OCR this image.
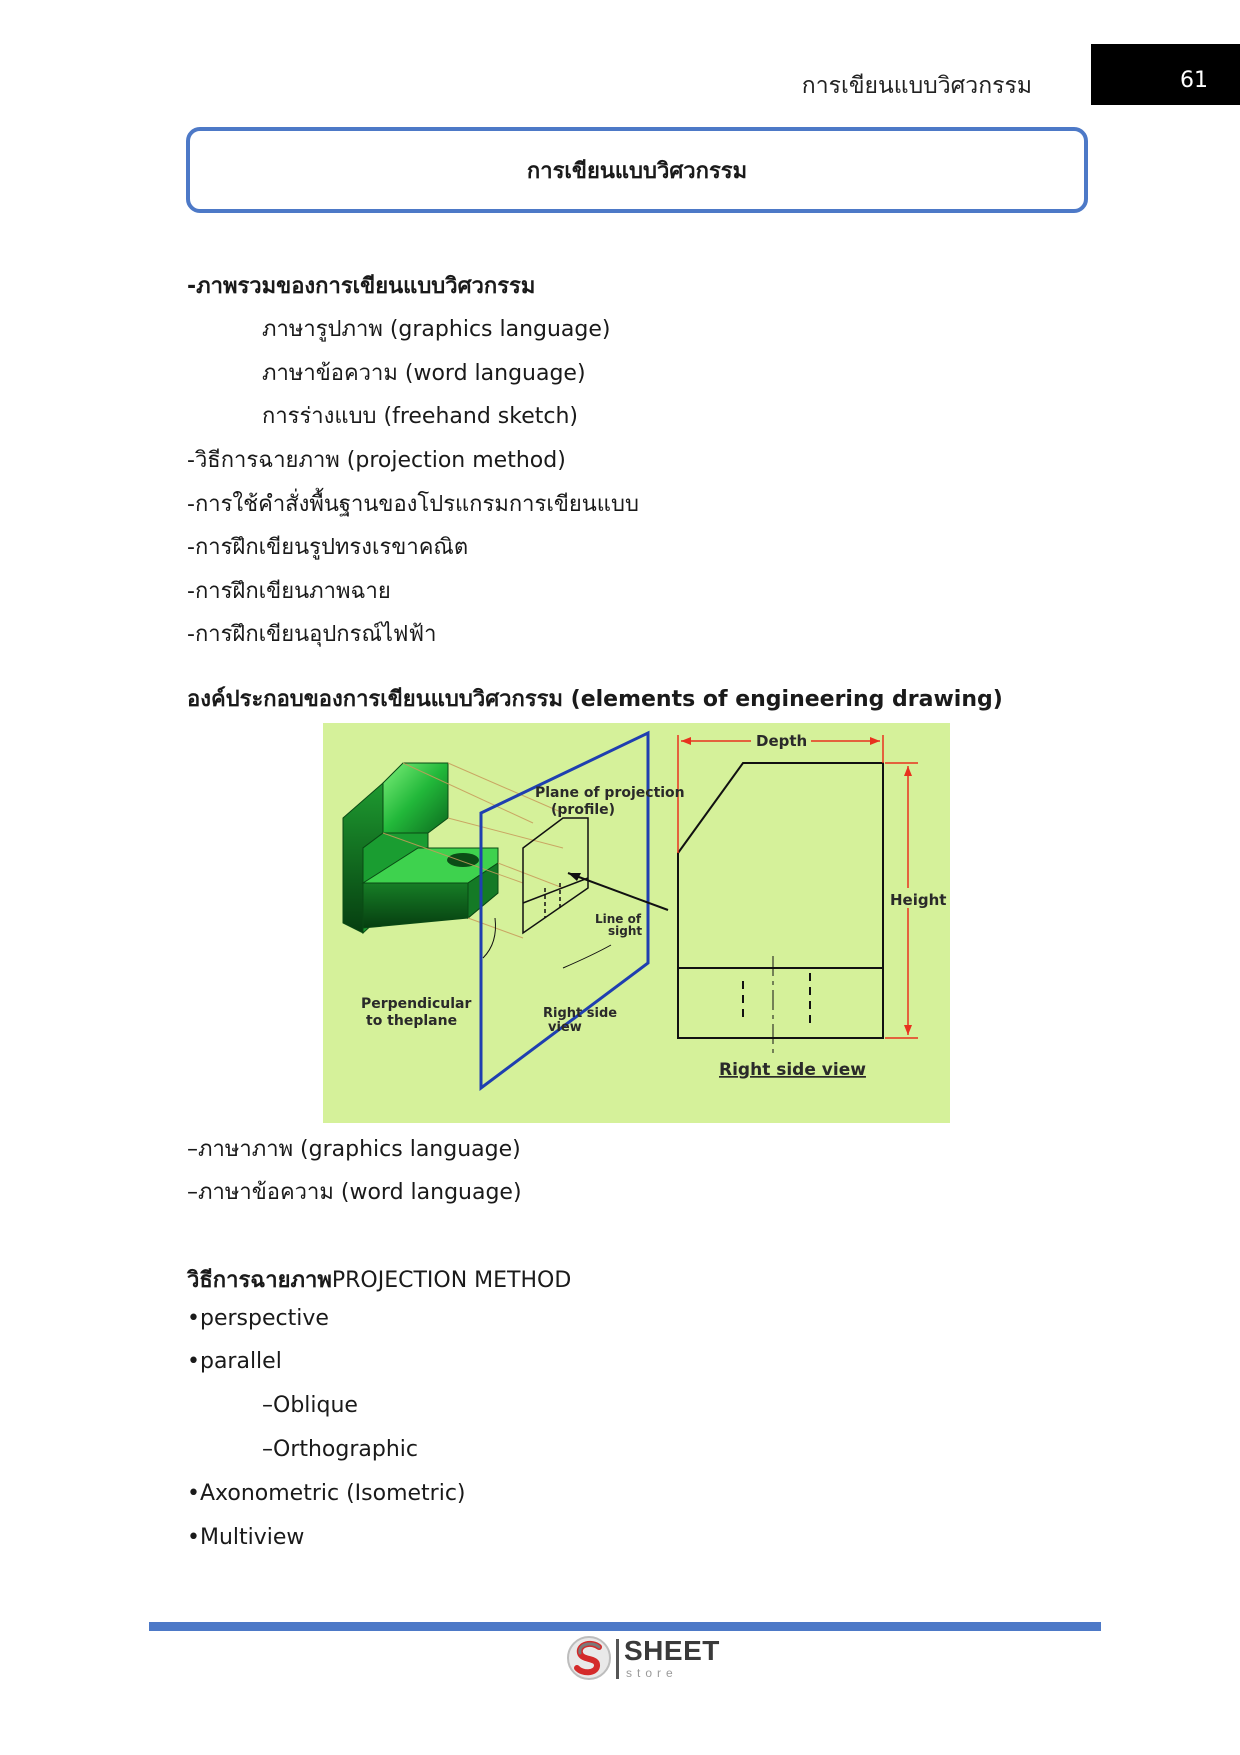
การเขียนแบบวิศวกรรม	61
การเขียนแบบวิศวกรรม
-ภาพรวมของการเขียนแบบวิศวกรรม
ภาษารูปภาพ (graphics language)
ภาษาข้อความ (word language)
การร่างแบบ (freehand sketch)
-วิธีการฉายภาพ (projection method)
-การใช้คำสั่งพื้นฐานของโปรแกรมการเขียนแบบ
-การฝึกเขียนรูปทรงเรขาคณิต
-การฝึกเขียนภาพฉาย
-การฝึกเขียนอุปกรณ์ไฟฟ้า
องค์ประกอบของการเขียนแบบวิศวกรรม (elements of engineering drawing)
Plane of projection
(profile)
Line of
sight
Perpendicular
to theplane	Right side
view
Depth
Height
Right side view
–ภาษาภาพ (graphics language)
–ภาษาข้อความ (word language)
วิธีการฉายภาพPROJECTION METHOD
•perspective
•parallel
–Oblique
–Orthographic
•Axonometric (Isometric)
•Multiview
SHEET
store
